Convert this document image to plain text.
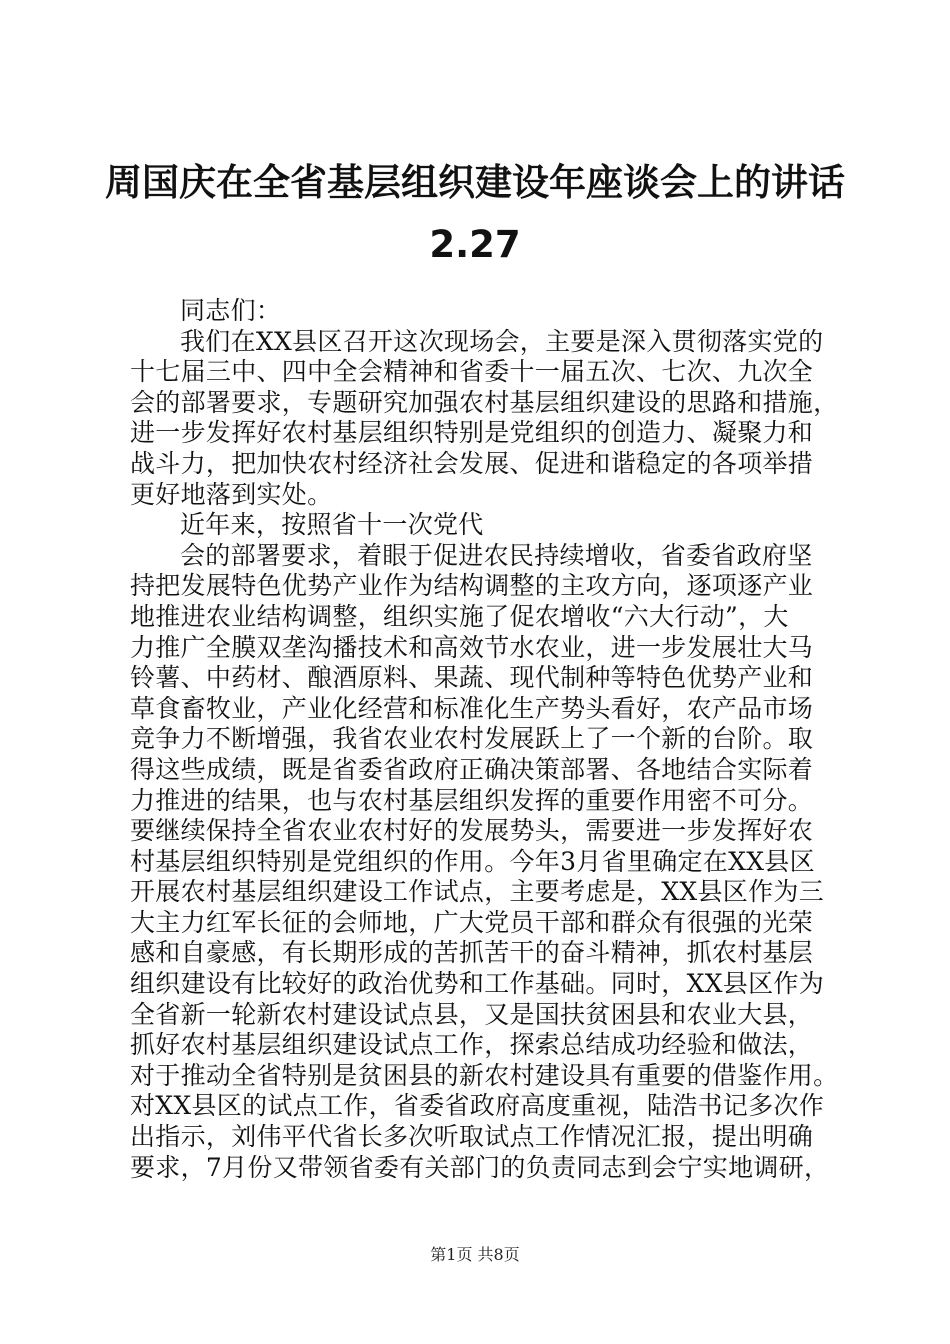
周国庆在全省基层组织建设年座谈会上的讲话
2.27
同志们：
我们在XX县区召开这次现场会，主要是深入贯彻落实党的
十七届三中、四中全会精神和省委十一届五次、七次、九次全
会的部署要求，专题研究加强农村基层组织建设的思路和措施，
进一步发挥好农村基层组织特别是党组织的创造力、凝聚力和
战斗力，把加快农村经济社会发展、促进和谐稳定的各项举措
更好地落到实处。
近年来，按照省十一次党代
会的部署要求，着眼于促进农民持续增收，省委省政府坚
持把发展特色优势产业作为结构调整的主攻方向，逐项逐产业
地推进农业结构调整，组织实施了促农增收“六大行动”，大
力推广全膜双垄沟播技术和高效节水农业，进一步发展壮大马
铃薯、中药材、酿酒原料、果蔬、现代制种等特色优势产业和
草食畜牧业，产业化经营和标准化生产势头看好，农产品市场
竞争力不断增强，我省农业农村发展跃上了一个新的台阶。取
得这些成绩，既是省委省政府正确决策部署、各地结合实际着
力推进的结果，也与农村基层组织发挥的重要作用密不可分。
要继续保持全省农业农村好的发展势头，需要进一步发挥好农
村基层组织特别是党组织的作用。今年3月省里确定在XX县区
开展农村基层组织建设工作试点，主要考虑是，XX县区作为三
大主力红军长征的会师地，广大党员干部和群众有很强的光荣
感和自豪感，有长期形成的苦抓苦干的奋斗精神，抓农村基层
组织建设有比较好的政治优势和工作基础。同时，XX县区作为
全省新一轮新农村建设试点县，又是国扶贫困县和农业大县，
抓好农村基层组织建设试点工作，探索总结成功经验和做法，
对于推动全省特别是贫困县的新农村建设具有重要的借鉴作用。
对XX县区的试点工作，省委省政府高度重视，陆浩书记多次作
出指示，刘伟平代省长多次听取试点工作情况汇报，提出明确
要求，7月份又带领省委有关部门的负责同志到会宁实地调研，
第1页 共8页
